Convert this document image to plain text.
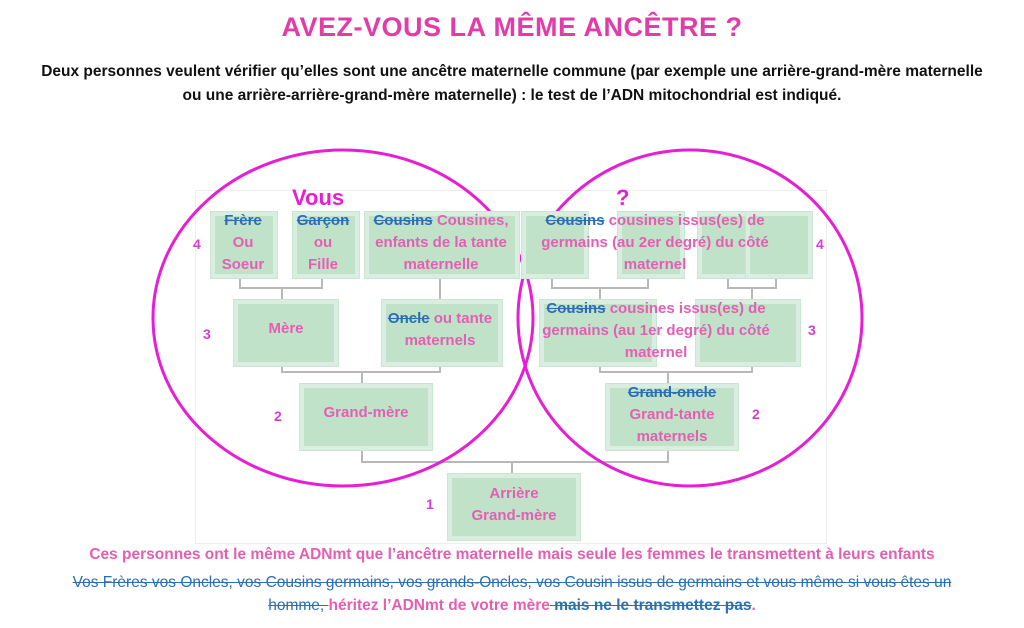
AVEZ-VOUS LA MÊME ANCÊTRE ?
Deux personnes veulent vérifier qu’elles sont une ancêtre maternelle commune (par exemple une arrière-grand-mère maternelle ou une arrière-arrière-grand-mère maternelle) : le test de l’ADN mitochondrial est indiqué.
Vous	?
Frère
Ou
Soeur
Garçon
ou
Fille
Cousins Cousines, enfants de la tante maternelle
Cousins cousines issus(es) de germains (au 2er degré) du côté maternel
Mère
Oncle ou tante maternels
Cousins cousines issus(es) de germains (au 1er degré) du côté maternel
Grand-mère
Grand-oncle
Grand-tante maternels
Arrière
Grand-mère
4
3
2
1
4
3
2
Ces personnes ont le même ADNmt que l’ancêtre maternelle mais seule les femmes le transmettent à leurs enfants
Vos Frères vos Oncles, vos Cousins germains, vos grands-Oncles, vos Cousin issus de germains et vous même si vous êtes un homme, héritez l’ADNmt de votre mère mais ne le transmettez pas.
